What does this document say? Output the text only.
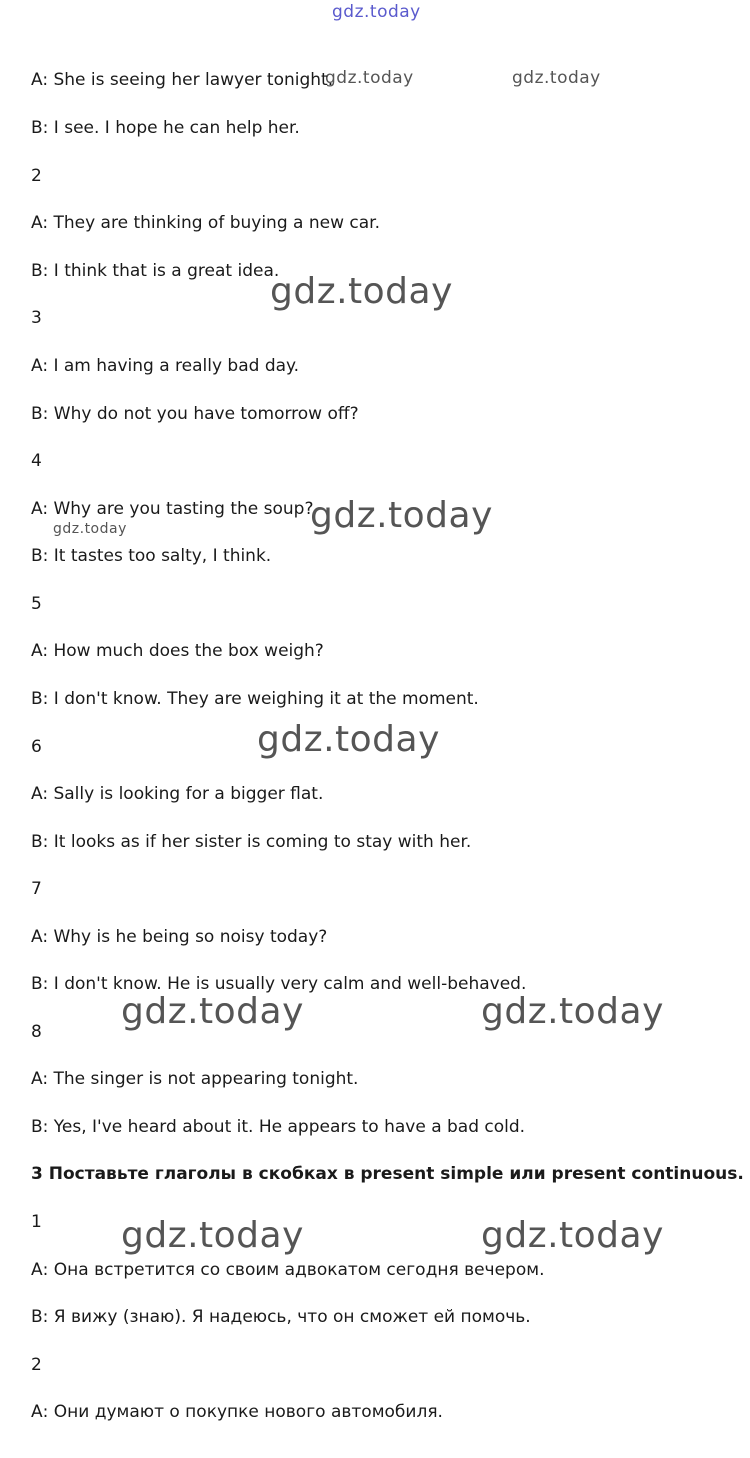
gdz.today
gdz.today	gdz.today
gdz.today
gdz.today
gdz.today
gdz.today
gdz.today	gdz.today
gdz.today	gdz.today
A: She is seeing her lawyer tonight.
B: I see. I hope he can help her.
2
A: They are thinking of buying a new car.
B: I think that is a great idea.
3
A: I am having a really bad day.
B: Why do not you have tomorrow off?
4
A: Why are you tasting the soup?
B: It tastes too salty, I think.
5
A: How much does the box weigh?
B: I don't know. They are weighing it at the moment.
6
A: Sally is looking for a bigger flat.
B: It looks as if her sister is coming to stay with her.
7
A: Why is he being so noisy today?
B: I don't know. He is usually very calm and well-behaved.
8
A: The singer is not appearing tonight.
B: Yes, I've heard about it. He appears to have a bad cold.
3 Поставьте глаголы в скобках в present simple или present continuous.
1
А: Она встретится со своим адвокатом сегодня вечером.
В: Я вижу (знаю). Я надеюсь, что он сможет ей помочь.
2
А: Они думают о покупке нового автомобиля.
